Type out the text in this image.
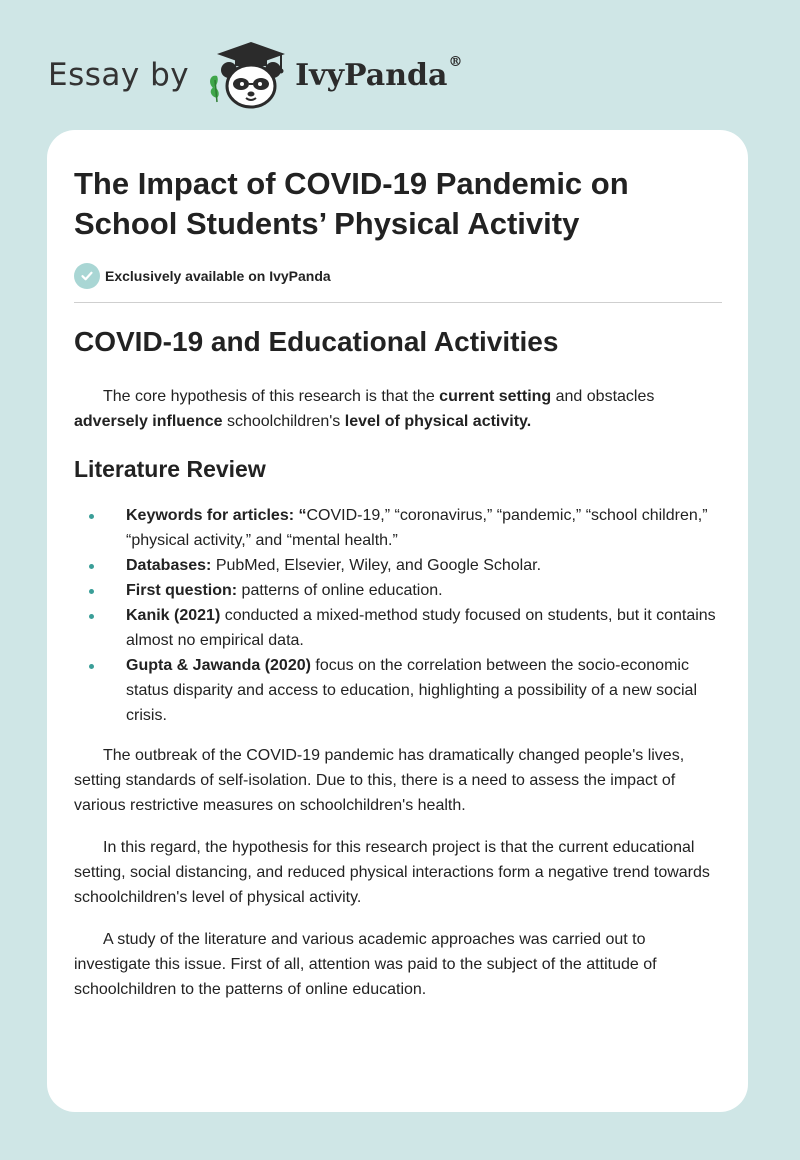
Essay by	IvyPanda®
The Impact of COVID-19 Pandemic on School Students’ Physical Activity
Exclusively available on IvyPanda
COVID-19 and Educational Activities

The core hypothesis of this research is that the current setting and obstacles adversely influence schoolchildren's level of physical activity.

Literature Review
Keywords for articles: “COVID-19,” “coronavirus,” “pandemic,” “school children,” “physical activity,” and “mental health.”
Databases: PubMed, Elsevier, Wiley, and Google Scholar.
First question: patterns of online education.
Kanik (2021) conducted a mixed-method study focused on students, but it contains almost no empirical data.
Gupta & Jawanda (2020) focus on the correlation between the socio-economic status disparity and access to education, highlighting a possibility of a new social crisis.

The outbreak of the COVID-19 pandemic has dramatically changed people's lives, setting standards of self-isolation. Due to this, there is a need to assess the impact of various restrictive measures on schoolchildren's health.

In this regard, the hypothesis for this research project is that the current educational setting, social distancing, and reduced physical interactions form a negative trend towards schoolchildren's level of physical activity.

A study of the literature and various academic approaches was carried out to investigate this issue. First of all, attention was paid to the subject of the attitude of schoolchildren to the patterns of online education.
